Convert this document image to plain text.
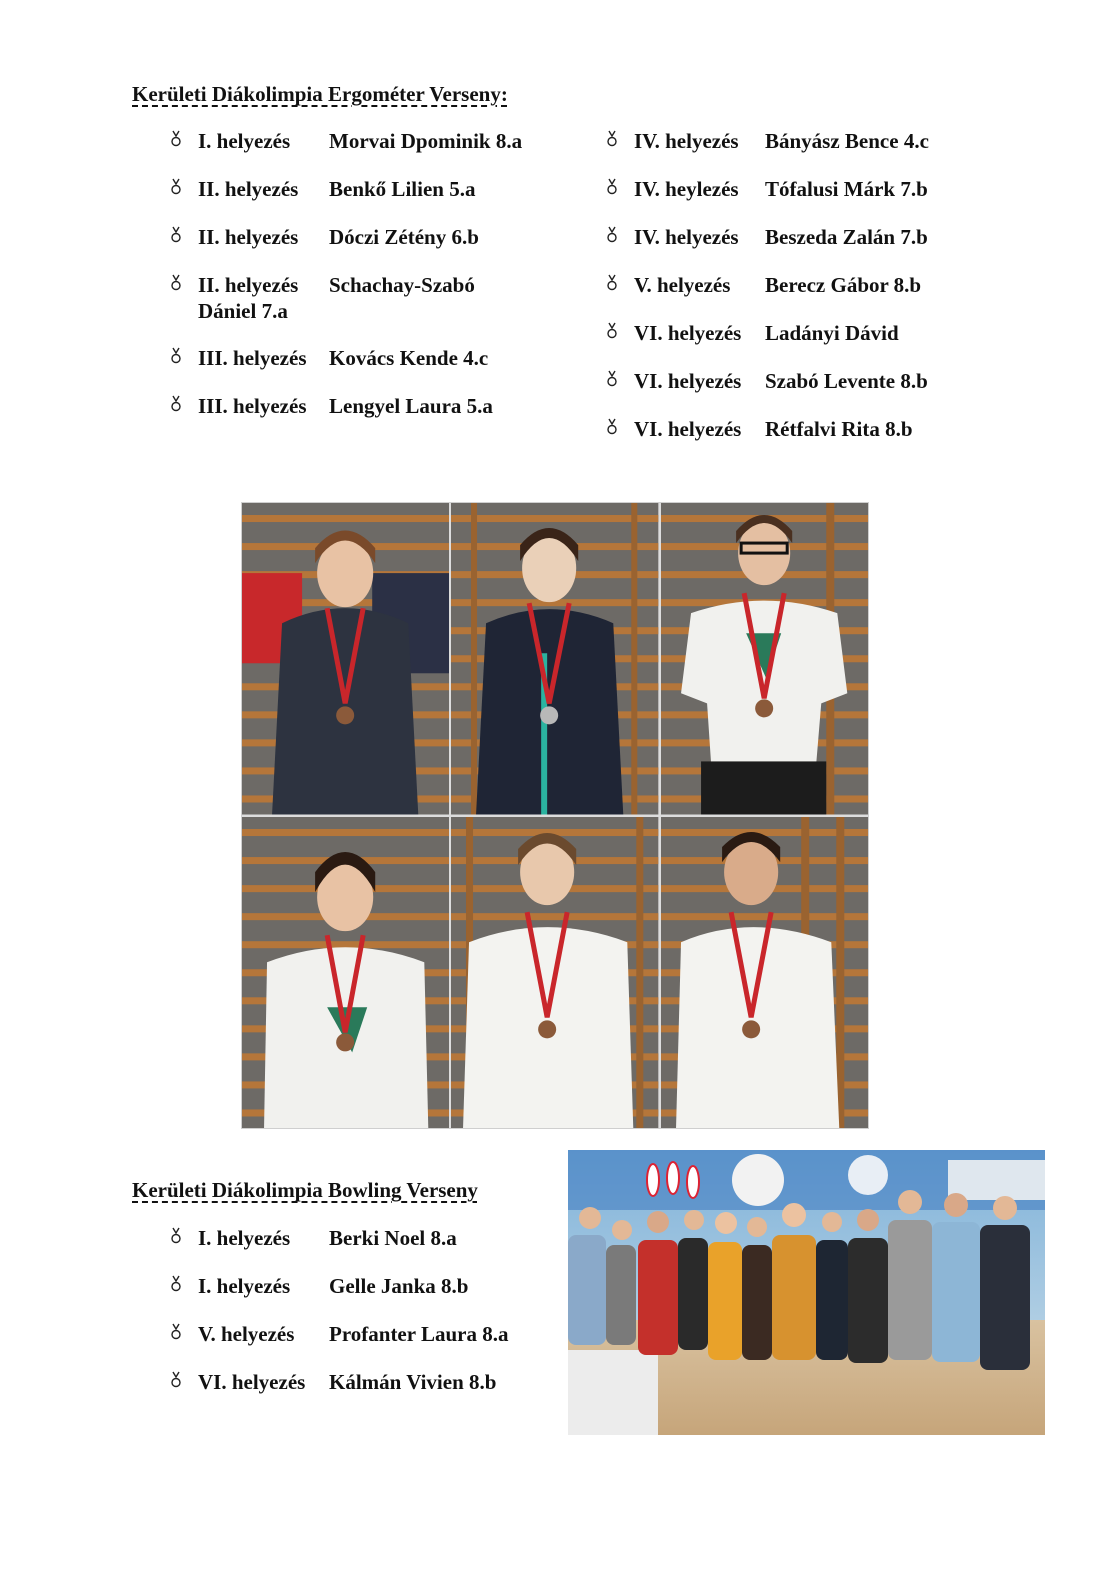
Kerületi Diákolimpia Ergométer Verseny:
I. helyezés Morvai Dpominik 8.a
II. helyezés Benkő Lilien 5.a
II. helyezés Dóczi Zétény 6.b
II. helyezés Schachay-Szabó
Dániel 7.a
III. helyezés Kovács Kende 4.c
III. helyezés Lengyel Laura 5.a
IV. helyezés Bányász Bence 4.c
IV. heylezés Tófalusi Márk 7.b
IV. helyezés Beszeda Zalán 7.b
V. helyezés Berecz Gábor 8.b
VI. helyezés Ladányi Dávid
VI. helyezés Szabó Levente 8.b
VI. helyezés Rétfalvi Rita 8.b
Kerületi Diákolimpia Bowling Verseny
I. helyezés Berki Noel 8.a
I. helyezés Gelle Janka 8.b
V. helyezés Profanter Laura 8.a
VI. helyezés Kálmán Vivien 8.b
